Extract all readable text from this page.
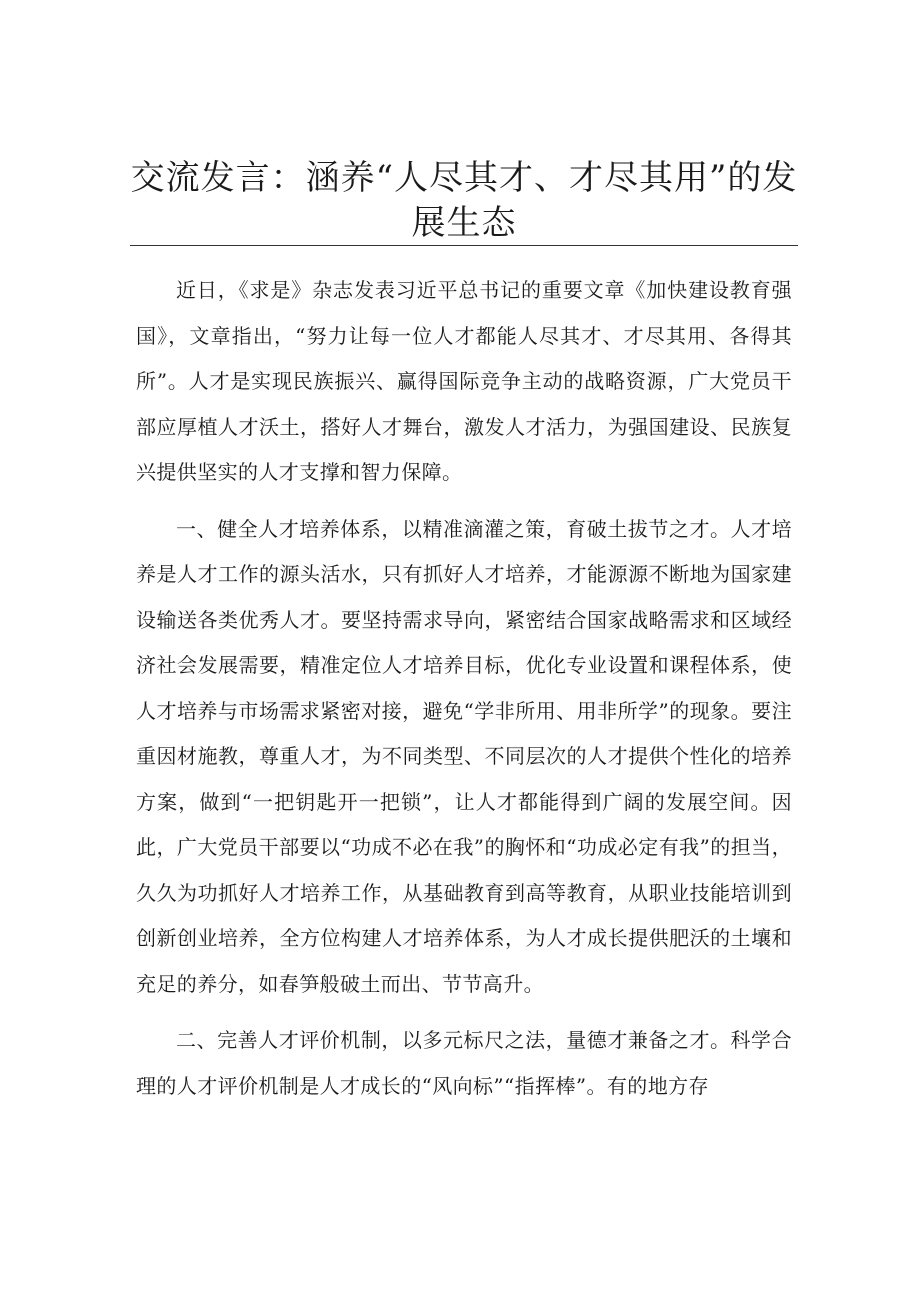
交流发言：涵养“人尽其才、才尽其用”的发展生态

近日，《求是》杂志发表习近平总书记的重要文章《加快建设教育强国》，文章指出，“努力让每一位人才都能人尽其才、才尽其用、各得其所”。人才是实现民族振兴、赢得国际竞争主动的战略资源，广大党员干部应厚植人才沃土，搭好人才舞台，激发人才活力，为强国建设、民族复兴提供坚实的人才支撑和智力保障。

一、健全人才培养体系，以精准滴灌之策，育破土拔节之才。人才培养是人才工作的源头活水，只有抓好人才培养，才能源源不断地为国家建设输送各类优秀人才。要坚持需求导向，紧密结合国家战略需求和区域经济社会发展需要，精准定位人才培养目标，优化专业设置和课程体系，使人才培养与市场需求紧密对接，避免“学非所用、用非所学”的现象。要注重因材施教，尊重人才，为不同类型、不同层次的人才提供个性化的培养方案，做到“一把钥匙开一把锁”，让人才都能得到广阔的发展空间。因此，广大党员干部要以“功成不必在我”的胸怀和“功成必定有我”的担当，久久为功抓好人才培养工作，从基础教育到高等教育，从职业技能培训到创新创业培养，全方位构建人才培养体系，为人才成长提供肥沃的土壤和充足的养分，如春笋般破土而出、节节高升。

二、完善人才评价机制，以多元标尺之法，量德才兼备之才。科学合理的人才评价机制是人才成长的“风向标”“指挥棒”。有的地方存
